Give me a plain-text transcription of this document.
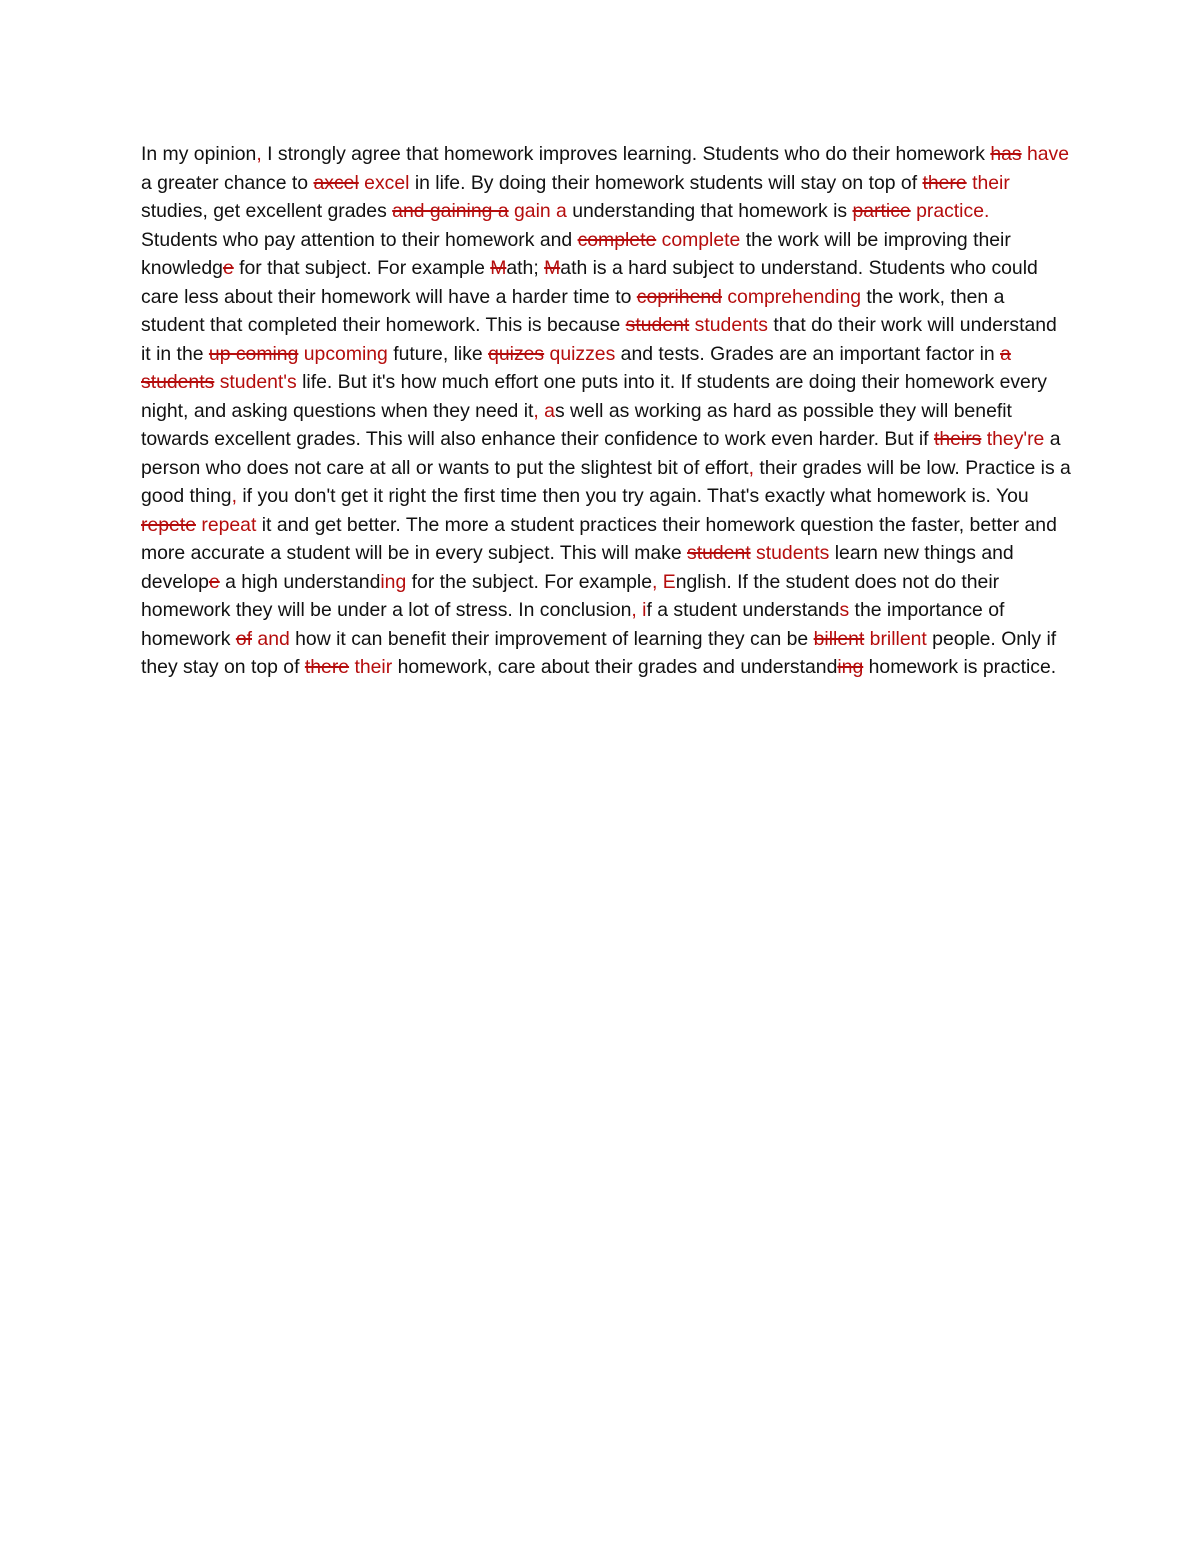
In my opinion, I strongly agree that homework improves learning. Students who do their homework has have a greater chance to axcel excel in life. By doing their homework students will stay on top of there their studies, get excellent grades and gaining a gain a understanding that homework is partice practice. Students who pay attention to their homework and complete complete the work will be improving their knowledge for that subject. For example Math; Math is a hard subject to understand. Students who could care less about their homework will have a harder time to coprihend comprehending the work, then a student that completed their homework. This is because student students that do their work will understand it in the up coming upcoming future, like quizes quizzes and tests. Grades are an important factor in a students student's life. But it's how much effort one puts into it. If students are doing their homework every night, and asking questions when they need it, as well as working as hard as possible they will benefit towards excellent grades. This will also enhance their confidence to work even harder. But if theirs they're a person who does not care at all or wants to put the slightest bit of effort, their grades will be low. Practice is a good thing, if you don't get it right the first time then you try again. That's exactly what homework is. You repete repeat it and get better. The more a student practices their homework question the faster, better and more accurate a student will be in every subject. This will make student students learn new things and develope a high understanding for the subject. For example, English. If the student does not do their homework they will be under a lot of stress. In conclusion, if a student understands the importance of homework of and how it can benefit their improvement of learning they can be billent brillent people. Only if they stay on top of there their homework, care about their grades and understanding homework is practice.
